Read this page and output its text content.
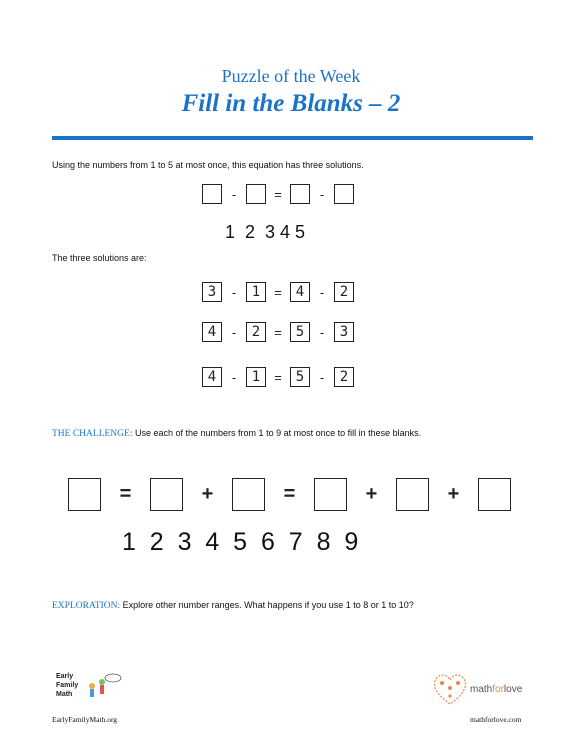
Puzzle of the Week
Fill in the Blanks – 2
Using the numbers from 1 to 5 at most once, this equation has three solutions.
-	=	-
1  2  3 4 5
The three solutions are:
3	-	1	= 4	-	2
4	-	2	= 5	-	3
4	-	1	= 5	-	2
THE CHALLENGE: Use each of the numbers from 1 to 9 at most once to fill in these blanks.
=	+	=	+	+
1  2  3  4  5  6  7  8  9
EXPLORATION: Explore other number ranges. What happens if you use 1 to 8 or 1 to 10?
Early
Family
Math
EarlyFamilyMath.org
mathforlove
mathforlove.com
